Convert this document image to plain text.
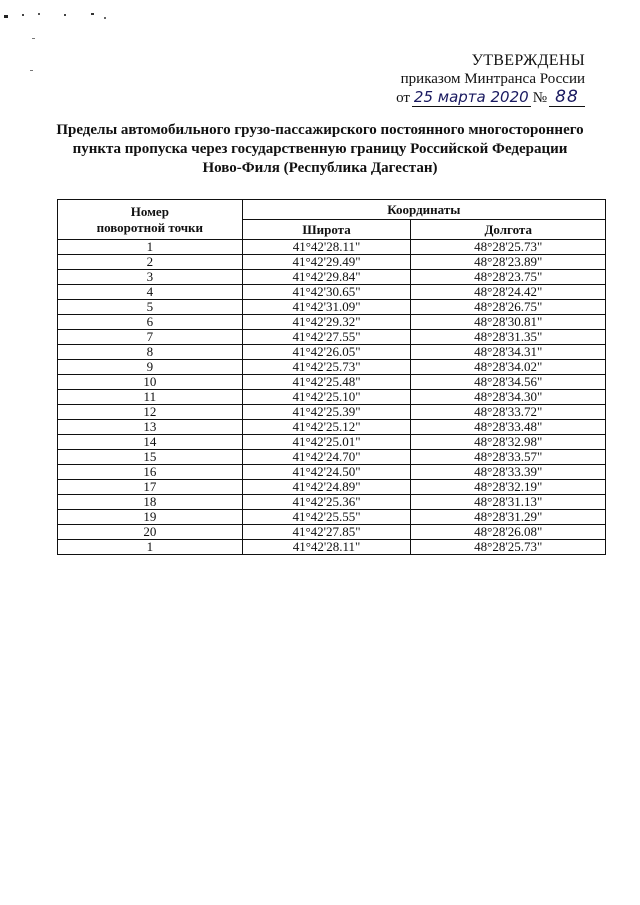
УТВЕРЖДЕНЫ
приказом Минтранса России
от 25 марта 2020 № 88
Пределы автомобильного грузо-пассажирского постоянного многостороннего
пункта пропуска через государственную границу Российской Федерации
Ново-Филя (Республика Дагестан)
Номер
поворотной точки	Координаты	
	Широта	Долгота
1	41°42'28.11"	48°28'25.73"
2	41°42'29.49"	48°28'23.89"
3	41°42'29.84"	48°28'23.75"
4	41°42'30.65"	48°28'24.42"
5	41°42'31.09"	48°28'26.75"
6	41°42'29.32"	48°28'30.81"
7	41°42'27.55"	48°28'31.35"
8	41°42'26.05"	48°28'34.31"
9	41°42'25.73"	48°28'34.02"
10	41°42'25.48"	48°28'34.56"
11	41°42'25.10"	48°28'34.30"
12	41°42'25.39"	48°28'33.72"
13	41°42'25.12"	48°28'33.48"
14	41°42'25.01"	48°28'32.98"
15	41°42'24.70"	48°28'33.57"
16	41°42'24.50"	48°28'33.39"
17	41°42'24.89"	48°28'32.19"
18	41°42'25.36"	48°28'31.13"
19	41°42'25.55"	48°28'31.29"
20	41°42'27.85"	48°28'26.08"
1	41°42'28.11"	48°28'25.73"
